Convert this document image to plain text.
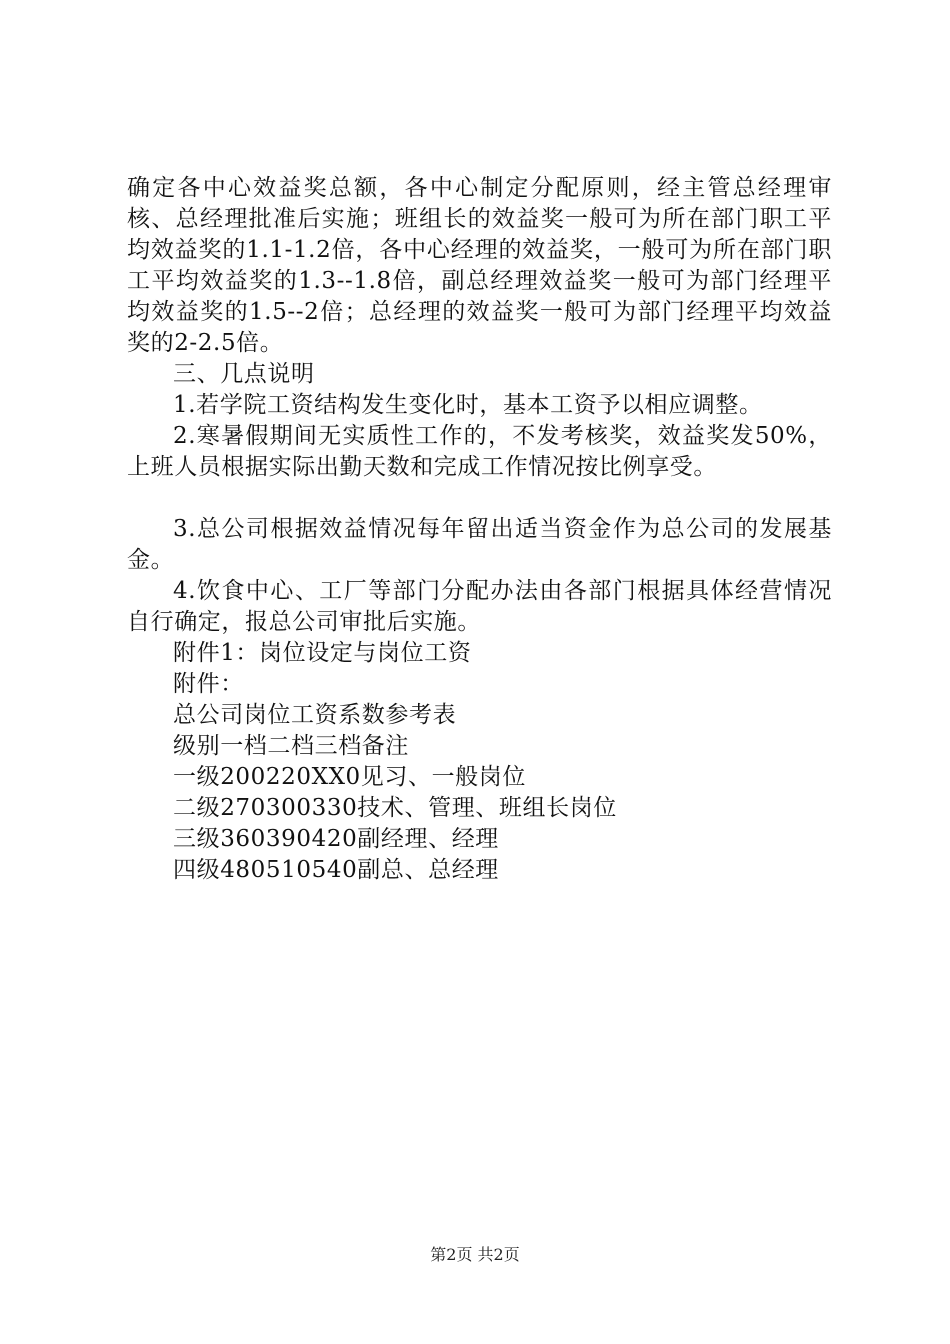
确定各中心效益奖总额，各中心制定分配原则，经主管总经理审核、总经理批准后实施；班组长的效益奖一般可为所在部门职工平均效益奖的1.1-1.2倍，各中心经理的效益奖，一般可为所在部门职工平均效益奖的1.3--1.8倍，副总经理效益奖一般可为部门经理平均效益奖的1.5--2倍；总经理的效益奖一般可为部门经理平均效益奖的2-2.5倍。

三、几点说明

1.若学院工资结构发生变化时，基本工资予以相应调整。

2.寒暑假期间无实质性工作的，不发考核奖，效益奖发50%，上班人员根据实际出勤天数和完成工作情况按比例享受。

3.总公司根据效益情况每年留出适当资金作为总公司的发展基金。

4.饮食中心、工厂等部门分配办法由各部门根据具体经营情况自行确定，报总公司审批后实施。

附件1：岗位设定与岗位工资

附件：

总公司岗位工资系数参考表

级别一档二档三档备注

一级200220XX0见习、一般岗位

二级270300330技术、管理、班组长岗位

三级360390420副经理、经理

四级480510540副总、总经理

第2页 共2页
